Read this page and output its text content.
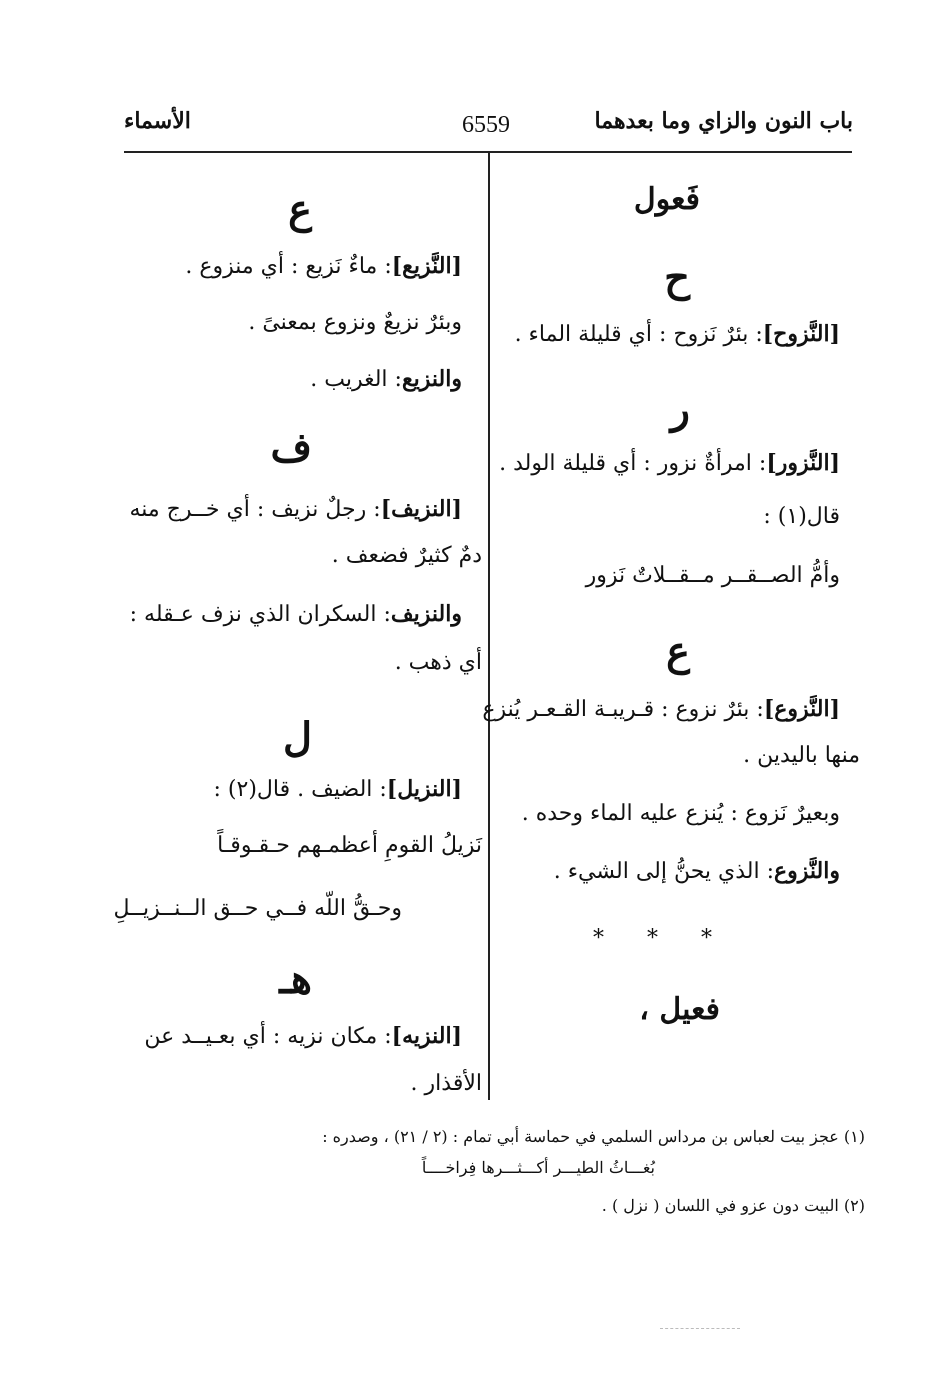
باب النون والزاي وما بعدهما
6559
الأسماء
فَعول
ح
[النَّزوح]: بئرٌ نَزوح : أي قليلة الماء .
ر
[النَّزور]: امرأةٌ نزور : أي قليلة الولد .
قال(١) :
وأمُّ الصــقــر مــقــلاتٌ نَزور
ع
[النَّزوع]: بئرٌ نزوع : قـريبـة القـعـر يُنزع
منها باليدين .
وبعيرٌ نَزوع : يُنزع عليه الماء وحده .
والنَّزوع: الذي يحنُّ إلى الشيء .
* * *
فعيل ،
ع
[النَّزيع]: ماءٌ نَزيع : أي منزوع .
وبئرٌ نزيعٌ ونزوع بمعنىً .
والنزيع: الغريب .
ف
[النزيف]: رجلٌ نزيف : أي خــرج منه
دمٌ كثيرٌ فضعف .
والنزيف: السكران الذي نزف عـقله :
أي ذهب .
ل
[النزيل]: الضيف . قال(٢) :
نَزيلُ القومِ أعظمـهم حـقـوقـاً
وحـقُّ اللّه فــي حــق الــنــزيــلِ
هـ
[النزيه]: مكان نزيه : أي بعـيــد عن
الأقذار .
(١) عجز بيت لعباس بن مرداس السلمي في حماسة أبي تمام : (٢ / ٢١) ، وصدره :
بُغـــاثُ الطيـــر أكـــثـــرها فِراخــــاً
(٢) البيت دون عزو في اللسان ( نزل ) .
